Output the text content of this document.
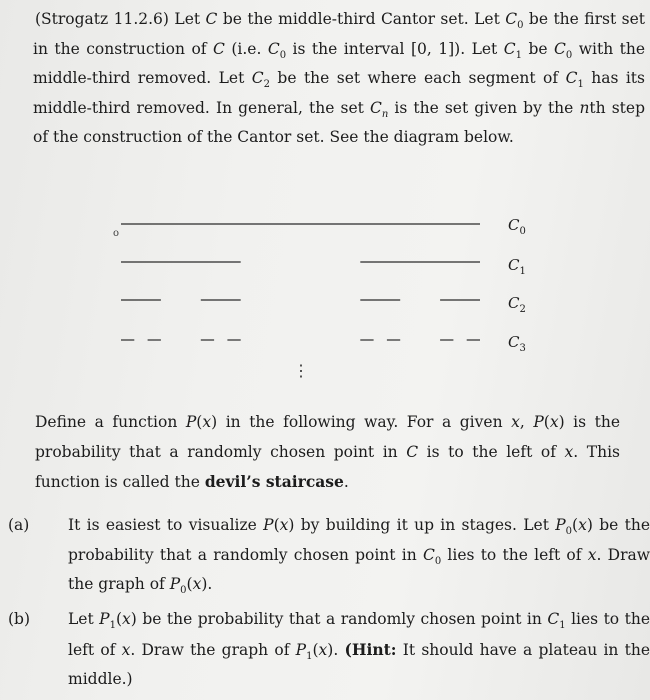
(Strogatz 11.2.6) Let C be the middle-third Cantor set. Let $C_0$ be the first set in the construction of C (i.e. $C_0$ is the interval [0, 1]). Let $C_1$ be $C_0$ with the middle-third removed. Let $C_2$ be the set where each segment of $C_1$ has its middle-third removed. In general, the set $C_n$ is the set given by the nth step of the construction of the Cantor set. See the diagram below.
o	$C_0$
$C_1$
$C_2$
$C_3$
⋮
Define a function P(x) in the following way. For a given x, P(x) is the probability that a randomly chosen point in C is to the left of x. This function is called the devil’s staircase.
(a) It is easiest to visualize P(x) by building it up in stages. Let $P_0(x)$ be the probability that a randomly chosen point in $C_0$ lies to the left of x. Draw the graph of $P_0(x)$.
(b) Let $P_1(x)$ be the probability that a randomly chosen point in $C_1$ lies to the left of x. Draw the graph of $P_1(x)$. (Hint: It should have a plateau in the middle.)
